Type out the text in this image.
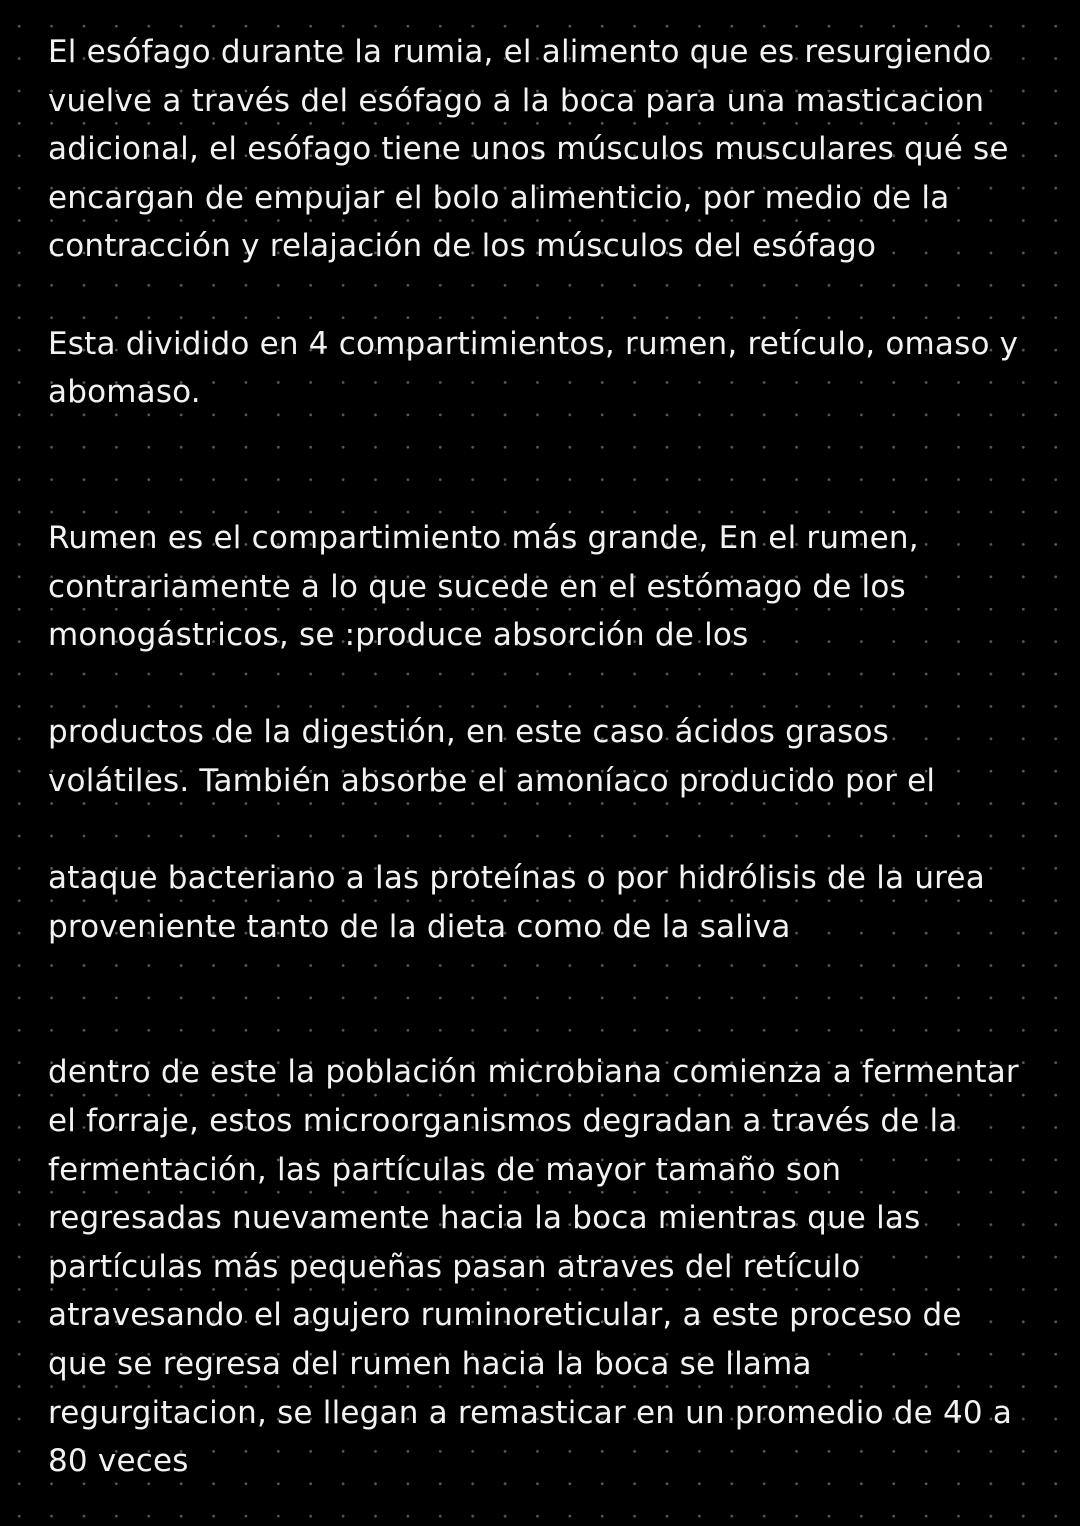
El esófago durante la rumia, el alimento que es resurgiendo
vuelve a través del esófago a la boca para una masticacion
adicional, el esófago tiene unos músculos musculares qué se
encargan de empujar el bolo alimenticio, por medio de la
contracción y relajación de los músculos del esófago
Esta dividido en 4 compartimientos, rumen, retículo, omaso y
abomaso.
Rumen es el compartimiento más grande, En el rumen,
contrariamente a lo que sucede en el estómago de los
monogástricos, se :produce absorción de los
productos de la digestión, en este caso ácidos grasos
volátiles. También absorbe el amoníaco producido por el
ataque bacteriano a las proteínas o por hidrólisis de la urea
proveniente tanto de la dieta como de la saliva
dentro de este la población microbiana comienza a fermentar
el forraje, estos microorganismos degradan a través de la
fermentación, las partículas de mayor tamaño son
regresadas nuevamente hacia la boca mientras que las
partículas más pequeñas pasan atraves del retículo
atravesando el agujero ruminoreticular, a este proceso de
que se regresa del rumen hacia la boca se llama
regurgitacion, se llegan a remasticar en un promedio de 40 a
80 veces
